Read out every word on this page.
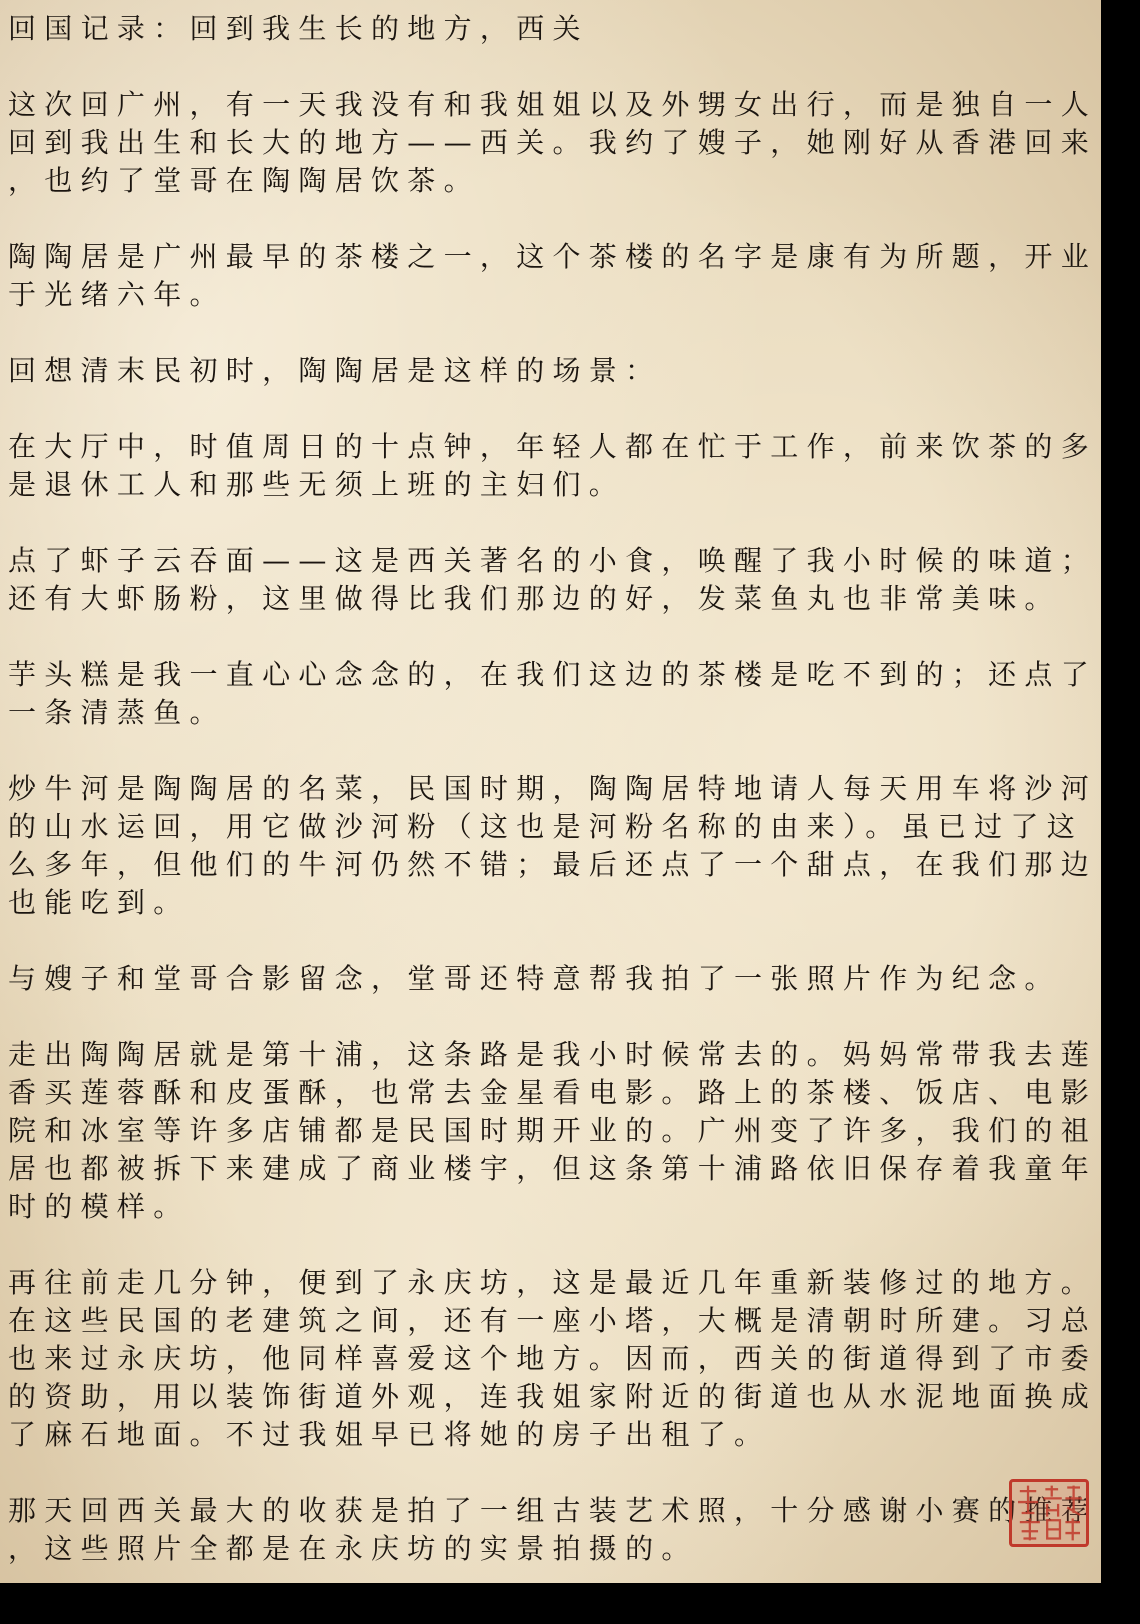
回国记录：回到我生长的地方，西关
这次回广州，有一天我没有和我姐姐以及外甥女出行，而是独自一人
回到我出生和长大的地方——西关。我约了嫂子，她刚好从香港回来
，也约了堂哥在陶陶居饮茶。
陶陶居是广州最早的茶楼之一，这个茶楼的名字是康有为所题，开业
于光绪六年。
回想清末民初时，陶陶居是这样的场景：
在大厅中，时值周日的十点钟，年轻人都在忙于工作，前来饮茶的多
是退休工人和那些无须上班的主妇们。
点了虾子云吞面——这是西关著名的小食，唤醒了我小时候的味道；
还有大虾肠粉，这里做得比我们那边的好，发菜鱼丸也非常美味。
芋头糕是我一直心心念念的，在我们这边的茶楼是吃不到的；还点了
一条清蒸鱼。
炒牛河是陶陶居的名菜，民国时期，陶陶居特地请人每天用车将沙河
的山水运回，用它做沙河粉（这也是河粉名称的由来）。虽已过了这
么多年，但他们的牛河仍然不错；最后还点了一个甜点，在我们那边
也能吃到。
与嫂子和堂哥合影留念，堂哥还特意帮我拍了一张照片作为纪念。
走出陶陶居就是第十浦，这条路是我小时候常去的。妈妈常带我去莲
香买莲蓉酥和皮蛋酥，也常去金星看电影。路上的茶楼、饭店、电影
院和冰室等许多店铺都是民国时期开业的。广州变了许多，我们的祖
居也都被拆下来建成了商业楼宇，但这条第十浦路依旧保存着我童年
时的模样。
再往前走几分钟，便到了永庆坊，这是最近几年重新装修过的地方。
在这些民国的老建筑之间，还有一座小塔，大概是清朝时所建。习总
也来过永庆坊，他同样喜爱这个地方。因而，西关的街道得到了市委
的资助，用以装饰街道外观，连我姐家附近的街道也从水泥地面换成
了麻石地面。不过我姐早已将她的房子出租了。
那天回西关最大的收获是拍了一组古装艺术照，十分感谢小赛的推荐
，这些照片全都是在永庆坊的实景拍摄的。
